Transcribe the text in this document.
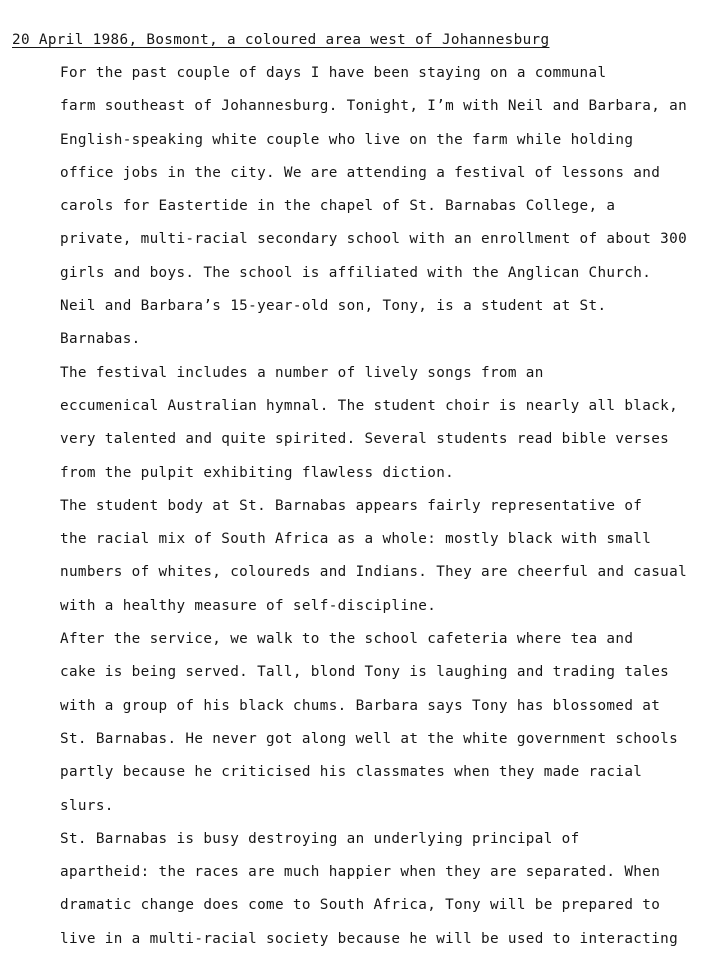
20 April 1986, Bosmont, a coloured area west of Johannesburg

For the past couple of days I have been staying on a communal
farm southeast of Johannesburg. Tonight, I’m with Neil and Barbara, an
English-speaking white couple who live on the farm while holding
office jobs in the city. We are attending a festival of lessons and
carols for Eastertide in the chapel of St. Barnabas College, a
private, multi-racial secondary school with an enrollment of about 300
girls and boys. The school is affiliated with the Anglican Church.
Neil and Barbara’s 15-year-old son, Tony, is a student at St.
Barnabas.

The festival includes a number of lively songs from an
eccumenical Australian hymnal. The student choir is nearly all black,
very talented and quite spirited. Several students read bible verses
from the pulpit exhibiting flawless diction.

The student body at St. Barnabas appears fairly representative of
the racial mix of South Africa as a whole: mostly black with small
numbers of whites, coloureds and Indians. They are cheerful and casual
with a healthy measure of self-discipline.

After the service, we walk to the school cafeteria where tea and
cake is being served. Tall, blond Tony is laughing and trading tales
with a group of his black chums. Barbara says Tony has blossomed at
St. Barnabas. He never got along well at the white government schools
partly because he criticised his classmates when they made racial
slurs.

St. Barnabas is busy destroying an underlying principal of
apartheid: the races are much happier when they are separated. When
dramatic change does come to South Africa, Tony will be prepared to
live in a multi-racial society because he will be used to interacting
